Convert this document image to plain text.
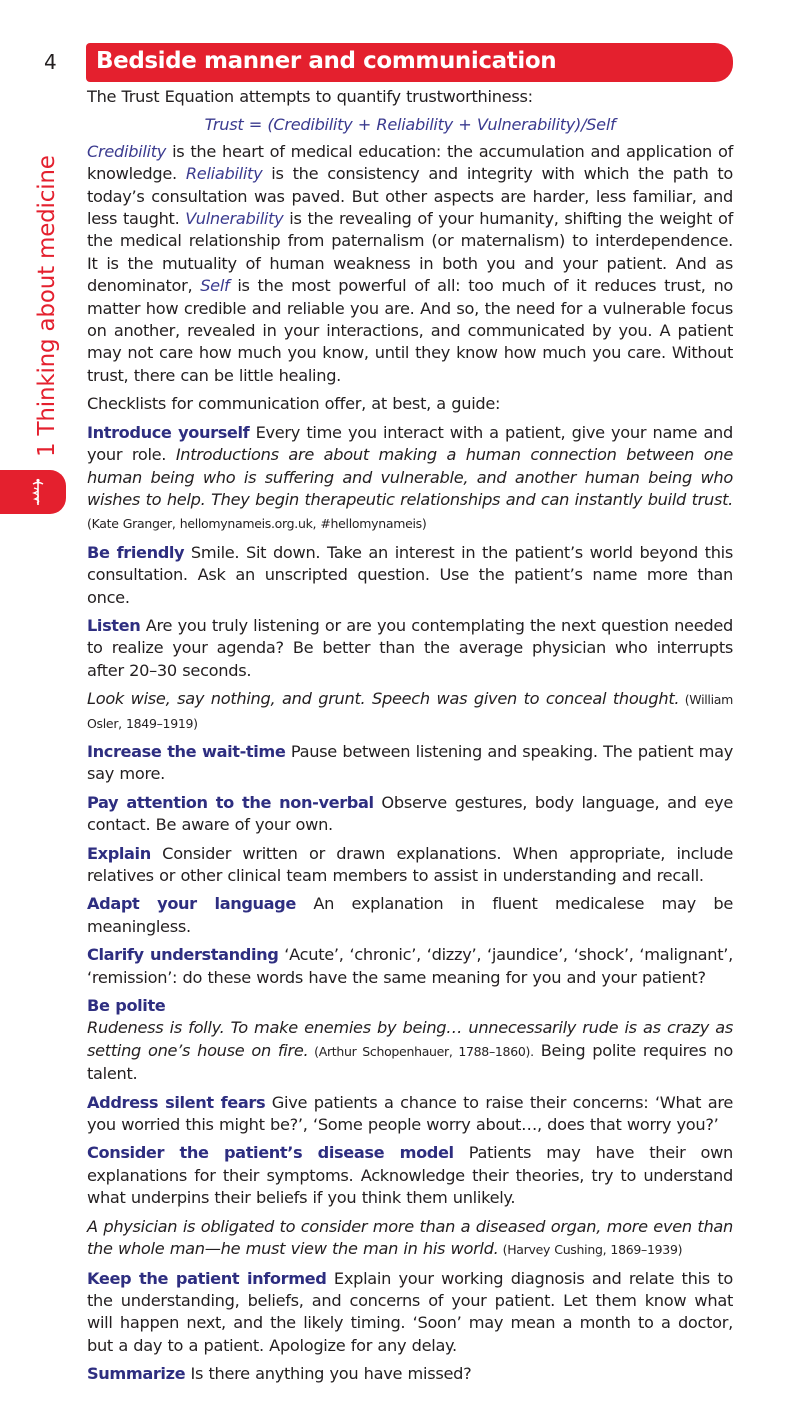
4 Bedside manner and communication
1 Thinking about medicine

The Trust Equation attempts to quantify trustworthiness:

Trust = (Credibility + Reliability + Vulnerability)/Self

Credibility is the heart of medical education: the accumulation and application of knowledge. Reliability is the consistency and integrity with which the path to today’s consultation was paved. But other aspects are harder, less familiar, and less taught. Vulnerability is the revealing of your humanity, shifting the weight of the medical relationship from paternalism (or maternalism) to interdependence. It is the mutuality of human weakness in both you and your patient. And as denominator, Self is the most powerful of all: too much of it reduces trust, no matter how credible and reliable you are. And so, the need for a vulnerable focus on another, revealed in your interactions, and communicated by you. A patient may not care how much you know, until they know how much you care. Without trust, there can be little healing.

Checklists for communication offer, at best, a guide:

Introduce yourself Every time you interact with a patient, give your name and your role. Introductions are about making a human connection between one human being who is suffering and vulnerable, and another human being who wishes to help. They begin therapeutic relationships and can instantly build trust. (Kate Granger, hellomynameis.org.uk, #hellomynameis)

Be friendly Smile. Sit down. Take an interest in the patient’s world beyond this consultation. Ask an unscripted question. Use the patient’s name more than once.

Listen Are you truly listening or are you contemplating the next question needed to realize your agenda? Be better than the average physician who interrupts after 20–30 seconds.

Look wise, say nothing, and grunt. Speech was given to conceal thought. (William Osler, 1849–1919)

Increase the wait-time Pause between listening and speaking. The patient may say more.

Pay attention to the non-verbal Observe gestures, body language, and eye contact. Be aware of your own.

Explain Consider written or drawn explanations. When appropriate, include relatives or other clinical team members to assist in understanding and recall.

Adapt your language An explanation in fluent medicalese may be meaningless.

Clarify understanding ‘Acute’, ‘chronic’, ‘dizzy’, ‘jaundice’, ‘shock’, ‘malignant’, ‘remission’: do these words have the same meaning for you and your patient?

Be polite
Rudeness is folly. To make enemies by being… unnecessarily rude is as crazy as setting one’s house on fire. (Arthur Schopenhauer, 1788–1860). Being polite requires no talent.

Address silent fears Give patients a chance to raise their concerns: ‘What are you worried this might be?’, ‘Some people worry about…, does that worry you?’

Consider the patient’s disease model Patients may have their own explanations for their symptoms. Acknowledge their theories, try to understand what underpins their beliefs if you think them unlikely.

A physician is obligated to consider more than a diseased organ, more even than the whole man—he must view the man in his world. (Harvey Cushing, 1869–1939)

Keep the patient informed Explain your working diagnosis and relate this to the understanding, beliefs, and concerns of your patient. Let them know what will happen next, and the likely timing. ‘Soon’ may mean a month to a doctor, but a day to a patient. Apologize for any delay.

Summarize Is there anything you have missed?
